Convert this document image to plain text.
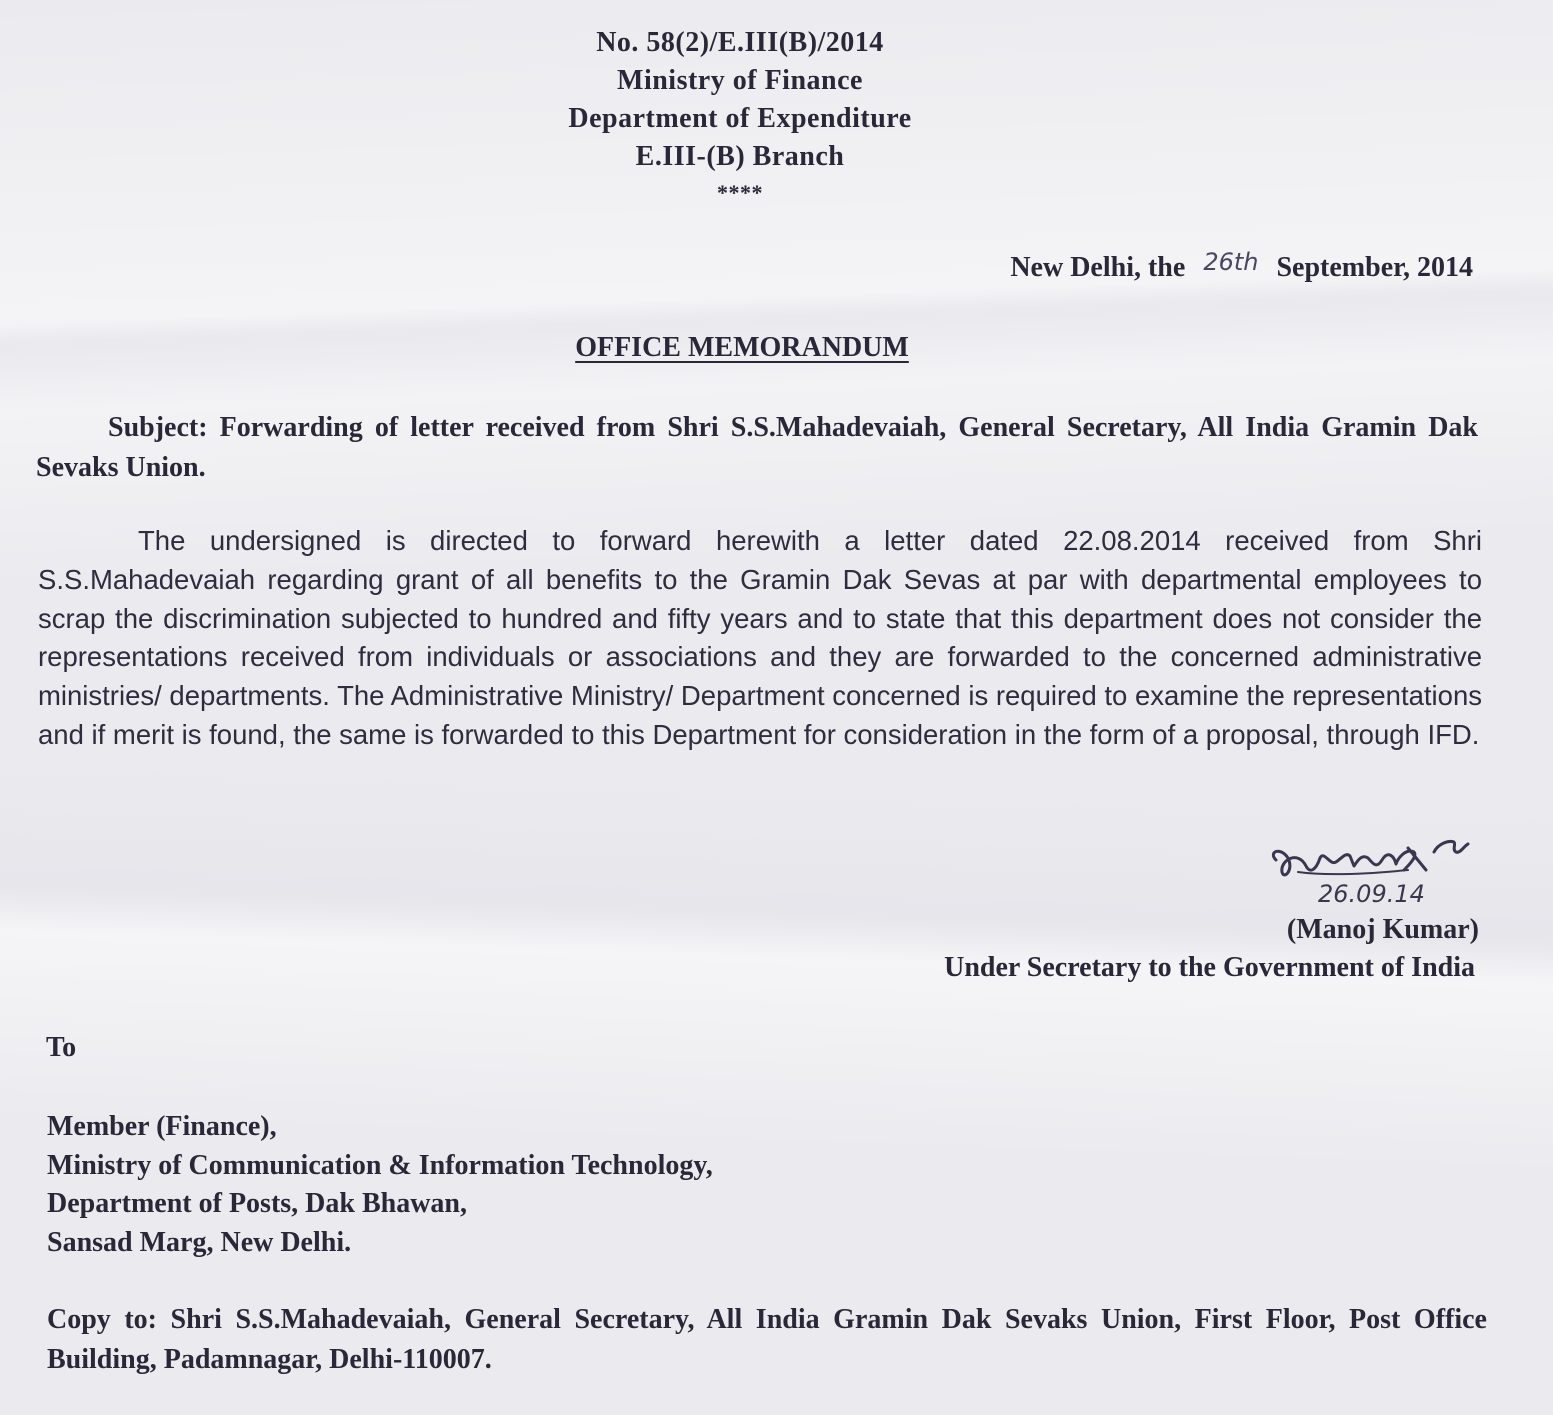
No. 58(2)/E.III(B)/2014
Ministry of Finance
Department of Expenditure
E.III-(B) Branch
****
New Delhi, the 26th September, 2014
OFFICE MEMORANDUM
Subject: Forwarding of letter received from Shri S.S.Mahadevaiah, General Secretary, All India Gramin Dak Sevaks Union.
The undersigned is directed to forward herewith a letter dated 22.08.2014 received from Shri S.S.Mahadevaiah regarding grant of all benefits to the Gramin Dak Sevas at par with departmental employees to scrap the discrimination subjected to hundred and fifty years and to state that this department does not consider the representations received from individuals or associations and they are forwarded to the concerned administrative ministries/ departments. The Administrative Ministry/ Department concerned is required to examine the representations and if merit is found, the same is forwarded to this Department for consideration in the form of a proposal, through IFD.
26.09.14
(Manoj Kumar)
Under Secretary to the Government of India
To
Member (Finance),
Ministry of Communication & Information Technology,
Department of Posts, Dak Bhawan,
Sansad Marg, New Delhi.
Copy to: Shri S.S.Mahadevaiah, General Secretary, All India Gramin Dak Sevaks Union, First Floor, Post Office Building, Padamnagar, Delhi-110007.
